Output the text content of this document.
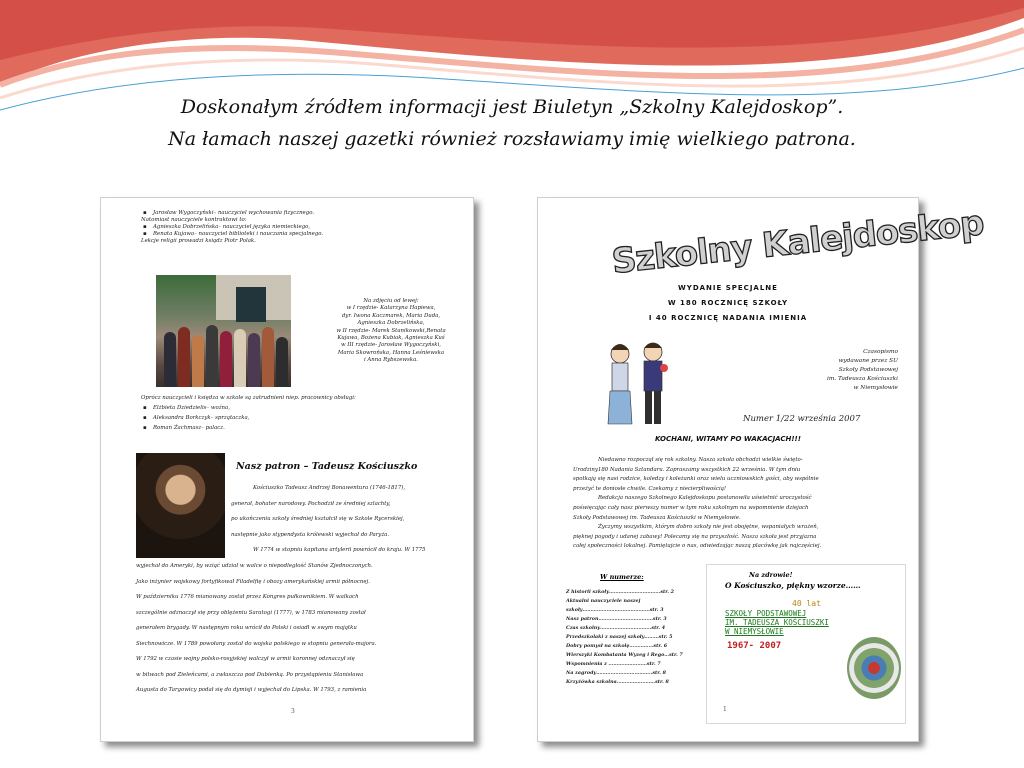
Doskonałym źródłem informacji jest Biuletyn „Szkolny Kalejdoskop”.
Na łamach naszej gazetki również rozsławiamy imię wielkiego patrona.
▪ Jarosław Wygoczyński– nauczyciel wychowania fizycznego.
Natomiast nauczyciele kontraktowi to:
▪ Agnieszka Dobrzelińska– nauczyciel języka niemieckiego,
▪ Renata Kujawa– nauczyciel biblioteki i nauczania specjalnego.
Lekcje religii prowadzi ksiądz Piotr Polak.
Na zdjęciu od lewej:
w I rzędzie- Katarzyna Hapiewa,
dyr. Iwona Kaczmarek, Maria Duda,
Agnieszka Dobrzelińska,
w II rzędzie- Marek Stanikowski,Renata
Kujawa, Bożena Kubiak, Agnieszka Kuś
w III rzędzie- Jarosław Wygoczyński,
Maria Skowrońska, Hanna Leśniewska
i Anna Rybszewska.
Oprócz nauczycieli i księdza w szkole są zatrudnieni niep. pracownicy obsługi:
▪ Elżbieta Dziedzielis– woźna,
▪ Aleksandra Borkczyk– sprzątaczka,
▪ Roman Żachmasz– palacz.
Nasz patron – Tadeusz Kościuszko
Kościuszko Tadeusz Andrzej Bonawentura (1746-1817),
generał, bohater narodowy. Pochodził ze średniej szlachty,
po ukończeniu szkoły średniej kształcił się w Szkole Rycerskiej,
następnie jako stypendysta królewski wyjechał do Paryża.
W 1774 w stopniu kapitana artylerii powrócił do kraju. W 1775
wyjechał do Ameryki, by wziąć udział w walce o niepodległość Stanów Zjednoczonych.
Jako inżynier wojskowy fortyfikował Filadelfię i obozy amerykańskiej armii północnej.
W październiku 1776 mianowany został przez Kongres pułkownikiem. W walkach
szczególnie odznaczył się przy oblężeniu Saratogi (1777), w 1783 mianowany został
generałem brygady. W następnym roku wrócił do Polski i osiadł w swym majątku
Siechnowicze. W 1789 powołany został do wojska polskiego w stopniu generała-majora.
W 1792 w czasie wojny polsko-rosyjskiej walczył w armii koronnej odznaczył się
w bitwach pod Zieleńcami, a zwłaszcza pod Dubienką. Po przystąpieniu Stanisława
Augusta do Targowicy podał się do dymisji i wyjechał do Lipska. W 1793, z ramienia
3
Szkolny Kalejdoskop
WYDANIE SPECJALNE
W 180 ROCZNICĘ SZKOŁY
I 40 ROCZNICĘ NADANIA IMIENIA
Czasopismo
wydawane przez SU
Szkoły Podstawowej
im. Tadeusza Kościuszki
w Niemysłowie
Numer 1/22 września 2007
KOCHANI, WITAMY PO WAKACJACH!!!
Niedawno rozpoczął się rok szkolny. Nasza szkoła obchodzi wielkie święto-
Urodziny180 Nadania Sztandaru. Zapraszamy wszystkich 22 września. W tym dniu
spotkają się nasi rodzice, koledzy i koleżanki oraz wielu uczniowskich gości, aby wspólnie
przeżyć te doniosłe chwile. Czekamy z niecierpliwością!
Redakcja naszego Szkolnego Kalejdoskopu postanowiła uświetnić uroczystość
poświęcając cały nasz pierwszy numer w tym roku szkolnym na wspomnienie dziejach
Szkoły Podstawowej im. Tadeusza Kościuszki w Niemysłowie.
Życzymy wszystkim, którym dobro szkoły nie jest obojętne, wspaniałych wrażeń,
pięknej pogody i udanej zabawy! Polecamy się na przyszłość. Nasza szkoła jest przyjazna
całej społeczności lokalnej. Pamiętajcie o nas, odwiedzając naszą placówkę jak najczęściej.
W numerze:
Z historii szkoły…………………………..str. 2
Aktualni nauczyciele naszej
szkoły……………………………………str. 3
Nasz patron…………………………….str. 3
Czas szkolny…………………………..str. 4
Przedszkolaki z naszej szkoły………str. 5
Dobry pomysł na szkolę……………str. 6
Wierszyki Kombatanta Wyzeg i Rego…str. 7
Wspomnienia z ……………………str. 7
Na zagrody……………………………..str. 8
Krzyżówka szkolna……………………str. 8
Na zdrowie!
O Kościuszko, piękny wzorze……
40 lat
SZKOŁY PODSTAWOWEJ
IM. TADEUSZA KOŚCIUSZKI
W NIEMYSŁOWIE
1967- 2007
1
